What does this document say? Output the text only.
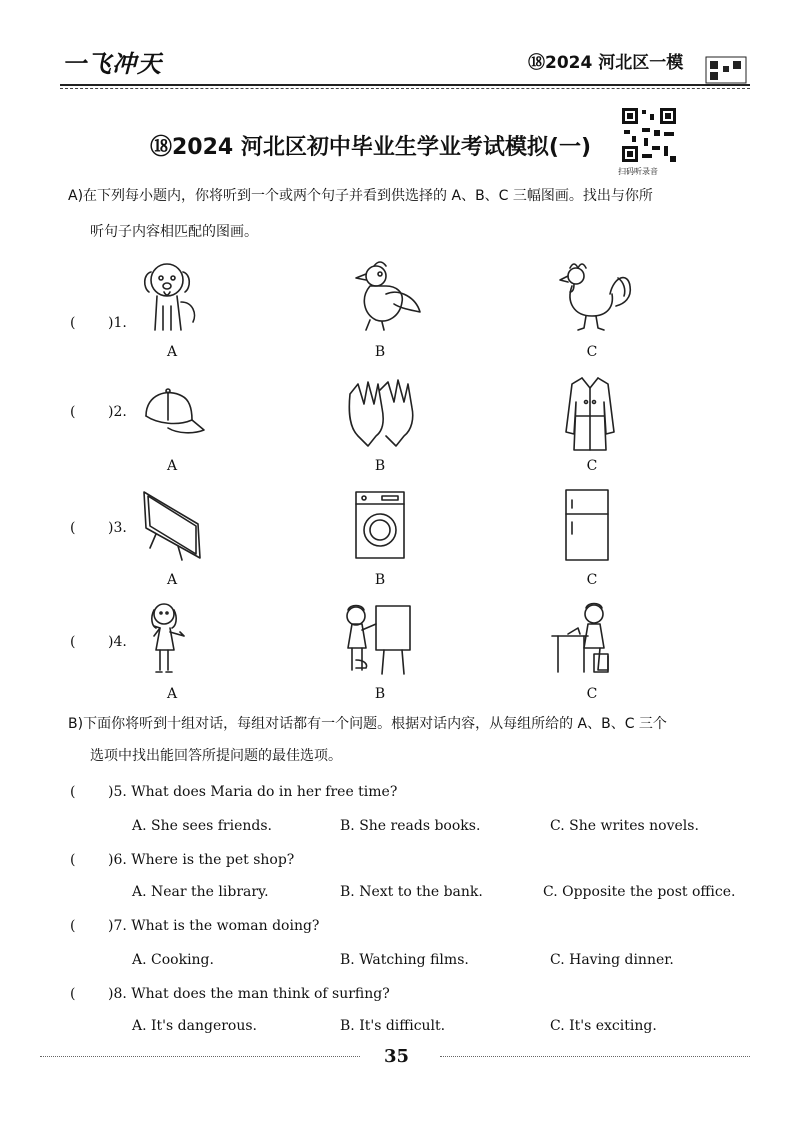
一飞冲天	⑱2024 河北区一模
⑱2024 河北区初中毕业生学业考试模拟(一)
扫码听录音
A)在下列每小题内，你将听到一个或两个句子并看到供选择的 A、B、C 三幅图画。找出与你所
听句子内容相匹配的图画。
( )1.
A	B	C
( )2.
A	B	C
( )3.
A	B	C
( )4.
A	B	C
B)下面你将听到十组对话，每组对话都有一个问题。根据对话内容，从每组所给的 A、B、C 三个
选项中找出能回答所提问题的最佳选项。
( )5. What does Maria do in her free time?
A. She sees friends.	B. She reads books.	C. She writes novels.
( )6. Where is the pet shop?
A. Near the library.	B. Next to the bank.	C. Opposite the post office.
( )7. What is the woman doing?
A. Cooking.	B. Watching films.	C. Having dinner.
( )8. What does the man think of surfing?
A. It's dangerous.	B. It's difficult.	C. It's exciting.
35
